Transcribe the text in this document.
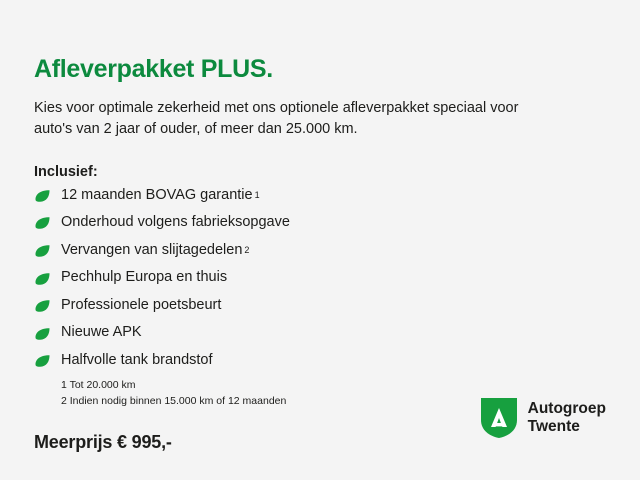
Afleverpakket PLUS.

Kies voor optimale zekerheid met ons optionele afleverpakket speciaal voor auto's van 2 jaar of ouder, of meer dan 25.000 km.

Inclusief:
12 maanden BOVAG garantie 1
Onderhoud volgens fabrieksopgave
Vervangen van slijtagedelen 2
Pechhulp Europa en thuis
Professionele poetsbeurt
Nieuwe APK
Halfvolle tank brandstof
1 Tot 20.000 km
2 Indien nodig binnen 15.000 km of 12 maanden
Meerprijs € 995,-
Autogroep
Twente
